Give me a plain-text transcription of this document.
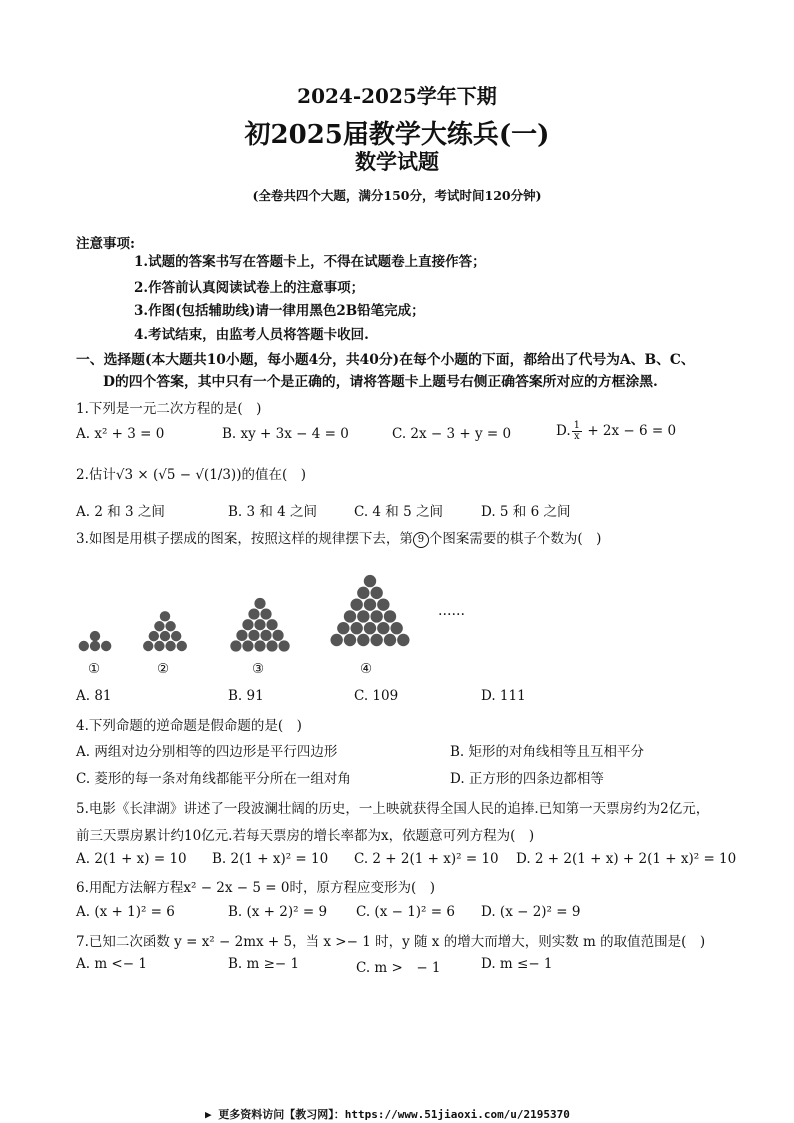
2024-2025学年下期
初2025届教学大练兵(一)
数学试题
(全卷共四个大题，满分150分，考试时间120分钟)
注意事项:
1.试题的答案书写在答题卡上，不得在试题卷上直接作答；
2.作答前认真阅读试卷上的注意事项；
3.作图(包括辅助线)请一律用黑色2B铅笔完成；
4.考试结束，由监考人员将答题卡收回.
一、选择题(本大题共10小题，每小题4分，共40分)在每个小题的下面，都给出了代号为A、B、C、
D的四个答案，其中只有一个是正确的，请将答题卡上题号右侧正确答案所对应的方框涂黑.
1.下列是一元二次方程的是(　)
A. x² + 3 = 0	B. xy + 3x − 4 = 0	C. 2x − 3 + y = 0	D. $\frac{1}{x} + 2x - 6 = 0$
2.估计√3 × (√5 − √(1/3))的值在(　)
A. 2 和 3 之间	B. 3 和 4 之间	C. 4 和 5 之间	D. 5 和 6 之间
3.如图是用棋子摆成的图案，按照这样的规律摆下去，第 9 个图案需要的棋子个数为(　)
①	②	③	④
……
A. 81	B. 91	C. 109	D. 111
4.下列命题的逆命题是假命题的是(　)
A. 两组对边分别相等的四边形是平行四边形	B. 矩形的对角线相等且互相平分
C. 菱形的每一条对角线都能平分所在一组对角	D. 正方形的四条边都相等
5.电影《长津湖》讲述了一段波澜壮阔的历史，一上映就获得全国人民的追捧.已知第一天票房约为2亿元，
前三天票房累计约10亿元.若每天票房的增长率都为x，依题意可列方程为(　)
A. 2(1 + x) = 10 B. 2(1 + x)² = 10 C. 2 + 2(1 + x)² = 10 D. 2 + 2(1 + x) + 2(1 + x)² = 10
6.用配方法解方程x² − 2x − 5 = 0时，原方程应变形为(　)
A. (x + 1)² = 6	B. (x + 2)² = 9 C. (x − 1)² = 6 D. (x − 2)² = 9
7.已知二次函数 y = x² − 2mx + 5，当 x >− 1 时，y 随 x 的增大而增大，则实数 m 的取值范围是(　)
A. m <− 1	B. m ≥− 1	C. m >　− 1	D. m ≤− 1
▶ 更多资料访问【教习网】：https://www.51jiaoxi.com/u/2195370
